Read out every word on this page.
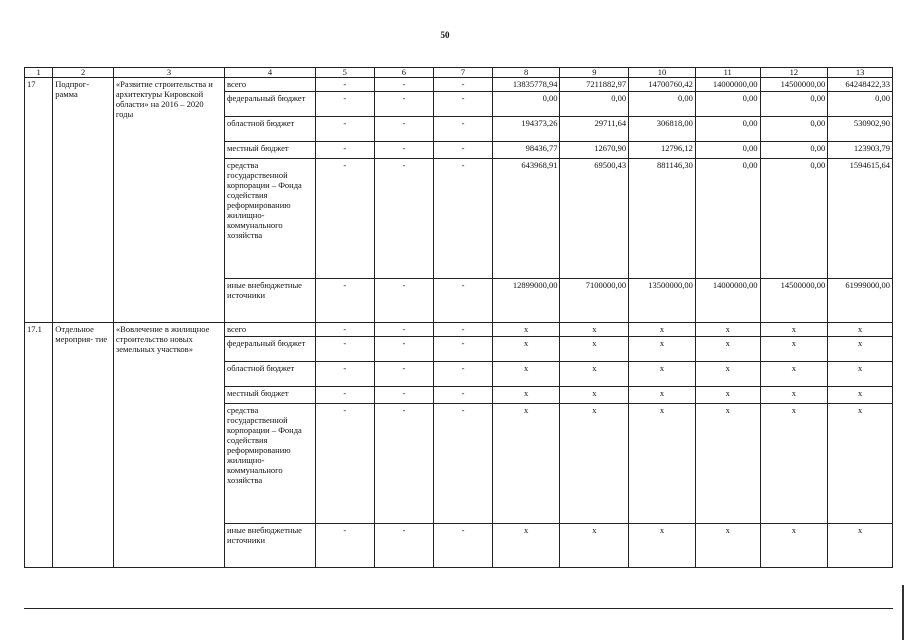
50
1	2	3	4	5	6	7	8	9	10	11	12	13
17	Подпрог- рамма	«Развитие строительства и архитектуры Кировской области» на 2016 – 2020 годы	всего	-	-	-	13835778,94	7211882,97	14700760,42	14000000,00	14500000,00	64248422,33
			федеральный бюджет	-	-	-	0,00	0,00	0,00	0,00	0,00	0,00
			областной бюджет	-	-	-	194373,26	29711,64	306818,00	0,00	0,00	530902,90
			местный бюджет	-	-	-	98436,77	12670,90	12796,12	0,00	0,00	123903,79
			средства государственной корпорации – Фонда содействия реформированию жилищно-коммунального хозяйства	-	-	-	643968,91	69500,43	881146,30	0,00	0,00	1594615,64
			иные внебюджетные источники	-	-	-	12899000,00	7100000,00	13500000,00	14000000,00	14500000,00	61999000,00
17.1	Отдельное мероприя- тие	«Вовлечение в жилищное строительство новых земельных участков»	всего	-	-	-	x	x	x	x	x	x
			федеральный бюджет	-	-	-	x	x	x	x	x	x
			областной бюджет	-	-	-	x	x	x	x	x	x
			местный бюджет	-	-	-	x	x	x	x	x	x
			средства государственной корпорации – Фонда содействия реформированию жилищно-коммунального хозяйства	-	-	-	x	x	x	x	x	x
			иные внебюджетные источники	-	-	-	x	x	x	x	x	x
